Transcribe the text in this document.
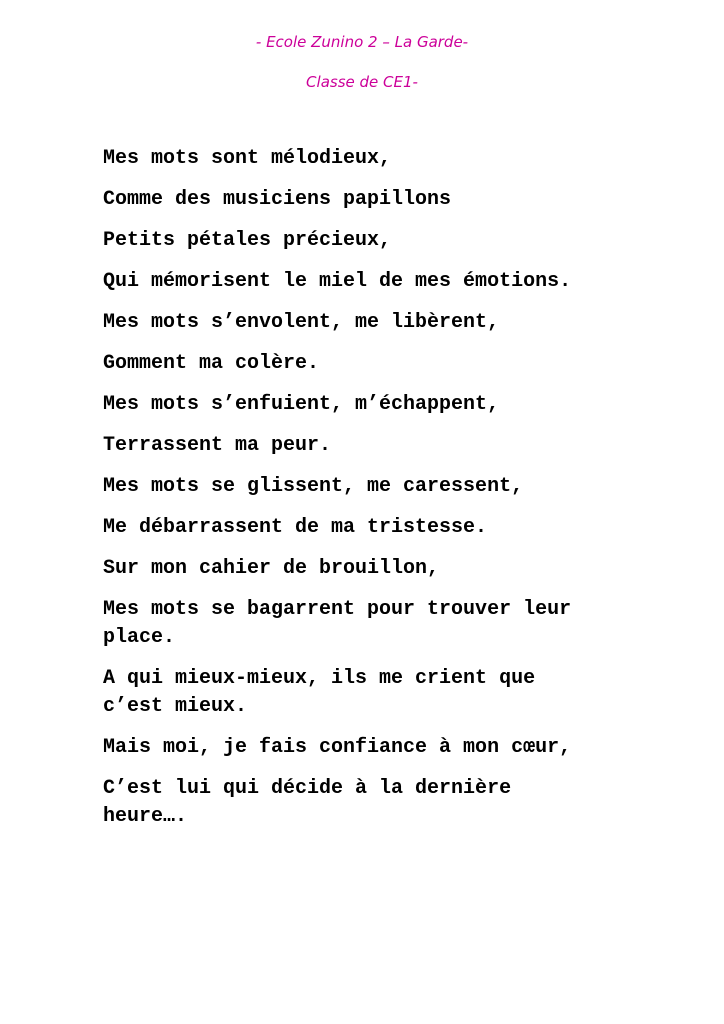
- Ecole Zunino 2 – La Garde-
Classe de CE1-

Mes mots sont mélodieux,

Comme des musiciens papillons

Petits pétales précieux,

Qui mémorisent le miel de mes émotions.

Mes mots s’envolent, me libèrent,

Gomment ma colère.

Mes mots s’enfuient, m’échappent,

Terrassent ma peur.

Mes mots se glissent, me caressent,

Me débarrassent de ma tristesse.

Sur mon cahier de brouillon,

Mes mots se bagarrent pour trouver leur
place.

A qui mieux-mieux, ils me crient que
c’est mieux.

Mais moi, je fais confiance à mon cœur,

C’est lui qui décide à la dernière
heure….
